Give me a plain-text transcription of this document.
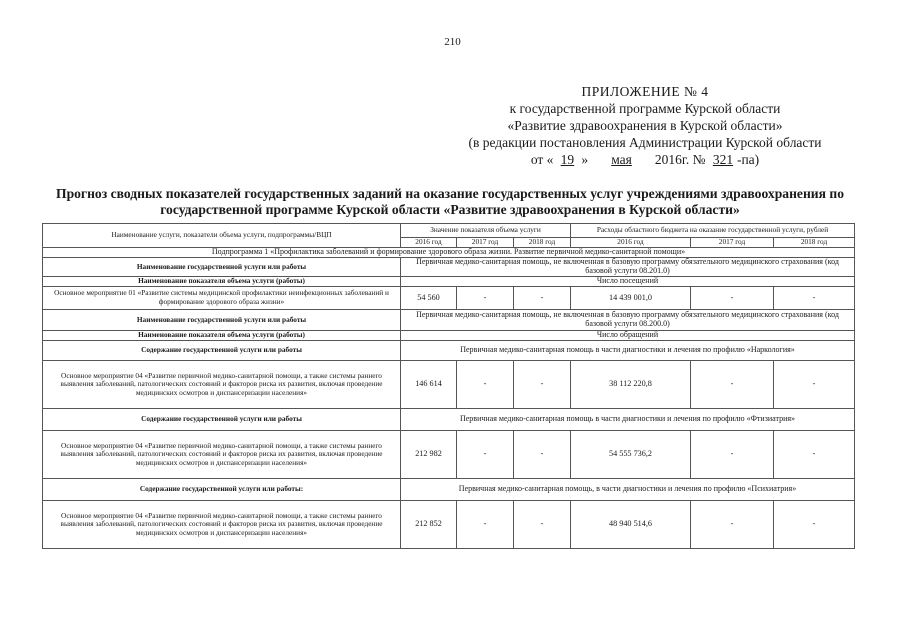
210
ПРИЛОЖЕНИЕ № 4
к государственной программе Курской области
«Развитие здравоохранения в Курской области»
(в редакции постановления Администрации Курской области
от « 19 » мая 2016г. № 321 -па)
Прогноз сводных показателей государственных заданий на оказание государственных услуг учреждениями здравоохранения по государственной программе Курской области «Развитие здравоохранения в Курской области»
Наименование услуги, показатели объема услуги, подпрограммы/ВЦП	Значение показателя объема услуги			Расходы областного бюджета на оказание государственной услуги, рублей		
	2016 год	2017 год	2018 год	2016 год	2017 год	2018 год
Подпрограмма 1 «Профилактика заболеваний и формирование здорового образа жизни. Развитие первичной медико-санитарной помощи»						
Наименование государственной услуги или работы	Первичная медико-санитарная помощь, не включенная в базовую программу обязательного медицинского страхования (код базовой услуги 08.201.0)					
Наименование показателя объема услуги (работы)	Число посещений					
Основное мероприятие 01 «Развитие системы медицинской профилактики неинфекционных заболеваний и формирование здорового образа жизни»	54 560	-	-	14 439 001,0	-	-
Наименование государственной услуги или работы	Первичная медико-санитарная помощь, не включенная в базовую программу обязательного медицинского страхования (код базовой услуги 08.200.0)					
Наименование показателя объема услуги (работы)	Число обращений					
Содержание государственной услуги или работы	Первичная медико-санитарная помощь в части диагностики и лечения по профилю «Наркология»					
Основное мероприятие 04 «Развитие первичной медико-санитарной помощи, а также системы раннего выявления заболеваний, патологических состояний и факторов риска их развития, включая проведение медицинских осмотров и диспансеризации населения»	146 614	-	-	38 112 220,8	-	-
Содержание государственной услуги или работы	Первичная медико-санитарная помощь в части диагностики и лечения по профилю «Фтизиатрия»					
Основное мероприятие 04 «Развитие первичной медико-санитарной помощи, а также системы раннего выявления заболеваний, патологических состояний и факторов риска их развития, включая проведение медицинских осмотров и диспансеризации населения»	212 982	-	-	54 555 736,2	-	-
Содержание государственной услуги или работы:	Первичная медико-санитарная помощь, в части диагностики и лечения по профилю «Психиатрия»					
Основное мероприятие 04 «Развитие первичной медико-санитарной помощи, а также системы раннего выявления заболеваний, патологических состояний и факторов риска их развития, включая проведение медицинских осмотров и диспансеризации населения»	212 852	-	-	48 940 514,6	-	-
